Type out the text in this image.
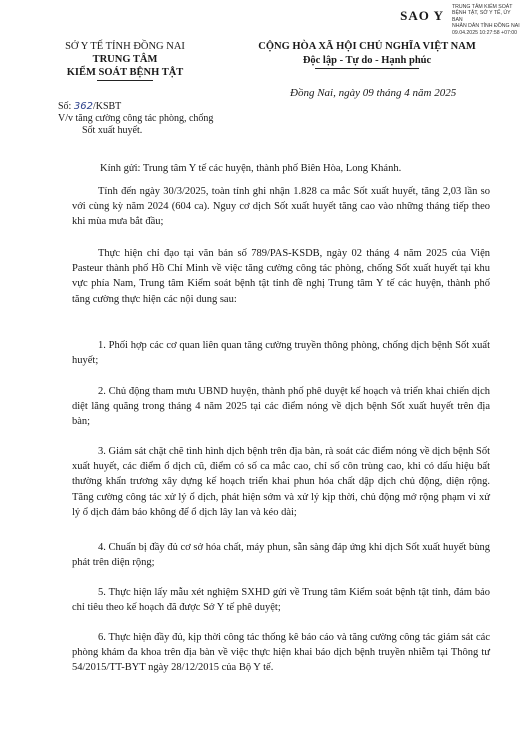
SAO Y
TRUNG TÂM KIỂM SOÁT
BỆNH TẬT, SỞ Y TẾ, ỦY BAN
NHÂN DÂN TỈNH ĐỒNG NAI
09.04.2025 10:27:58 +07:00
SỞ Y TẾ TỈNH ĐỒNG NAI
TRUNG TÂM
KIỂM SOÁT BỆNH TẬT
CỘNG HÒA XÃ HỘI CHỦ NGHĨA VIỆT NAM
Độc lập - Tự do - Hạnh phúc
Đồng Nai, ngày 09 tháng 4 năm 2025
Số: 362/KSBT
V/v tăng cường công tác phòng, chống
Sốt xuất huyết.
Kính gửi: Trung tâm Y tế các huyện, thành phố Biên Hòa, Long Khánh.

Tính đến ngày 30/3/2025, toàn tỉnh ghi nhận 1.828 ca mắc Sốt xuất huyết, tăng 2,03 lần so với cùng kỳ năm 2024 (604 ca). Nguy cơ dịch Sốt xuất huyết tăng cao vào những tháng tiếp theo khi mùa mưa bắt đầu;

Thực hiện chỉ đạo tại văn bản số 789/PAS-KSDB, ngày 02 tháng 4 năm 2025 của Viện Pasteur thành phố Hồ Chí Minh về việc tăng cường công tác phòng, chống Sốt xuất huyết tại khu vực phía Nam, Trung tâm Kiểm soát bệnh tật tỉnh đề nghị Trung tâm Y tế các huyện, thành phố tăng cường thực hiện các nội dung sau:

1. Phối hợp các cơ quan liên quan tăng cường truyền thông phòng, chống dịch bệnh Sốt xuất huyết;

2. Chủ động tham mưu UBND huyện, thành phố phê duyệt kế hoạch và triển khai chiến dịch diệt lăng quăng trong tháng 4 năm 2025 tại các điểm nóng về dịch bệnh Sốt xuất huyết trên địa bàn;

3. Giám sát chặt chẽ tình hình dịch bệnh trên địa bàn, rà soát các điểm nóng về dịch bệnh Sốt xuất huyết, các điểm ổ dịch cũ, điểm có số ca mắc cao, chỉ số côn trùng cao, khi có dấu hiệu bất thường khẩn trương xây dựng kế hoạch triển khai phun hóa chất dập dịch chủ động, diện rộng. Tăng cường công tác xử lý ổ dịch, phát hiện sớm và xử lý kịp thời, chủ động mở rộng phạm vi xử lý ổ dịch đảm bảo không để ổ dịch lây lan và kéo dài;

4. Chuẩn bị đầy đủ cơ sở hóa chất, máy phun, sẵn sàng đáp ứng khi dịch Sốt xuất huyết bùng phát trên diện rộng;

5. Thực hiện lấy mẫu xét nghiệm SXHD gửi về Trung tâm Kiểm soát bệnh tật tỉnh, đảm bảo chỉ tiêu theo kế hoạch đã được Sở Y tế phê duyệt;

6. Thực hiện đầy đủ, kịp thời công tác thống kê báo cáo và tăng cường công tác giám sát các phòng khám đa khoa trên địa bàn về việc thực hiện khai báo dịch bệnh truyền nhiễm tại Thông tư 54/2015/TT-BYT ngày 28/12/2015 của Bộ Y tế.
